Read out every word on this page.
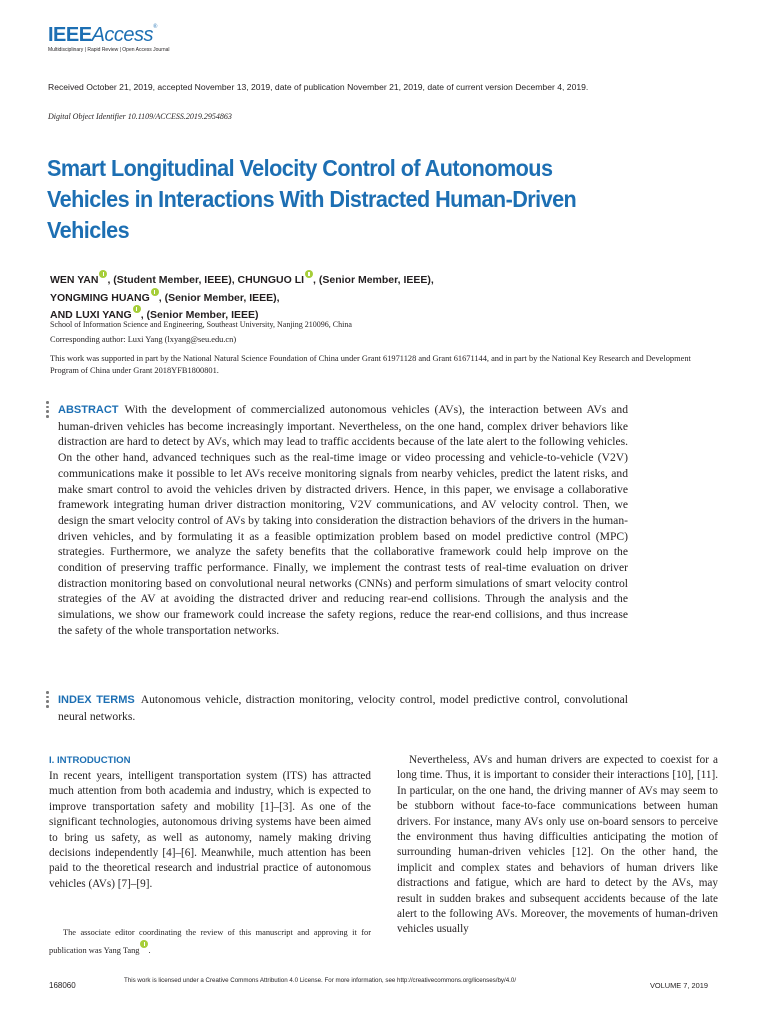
IEEEAccess®
Multidisciplinary | Rapid Review | Open Access Journal
Received October 21, 2019, accepted November 13, 2019, date of publication November 21, 2019, date of current version December 4, 2019.
Digital Object Identifier 10.1109/ACCESS.2019.2954863
Smart Longitudinal Velocity Control of Autonomous Vehicles in Interactions With Distracted Human-Driven Vehicles
WEN YAN , (Student Member, IEEE), CHUNGUO LI , (Senior Member, IEEE),
YONGMING HUANG , (Senior Member, IEEE),
AND LUXI YANG , (Senior Member, IEEE)
School of Information Science and Engineering, Southeast University, Nanjing 210096, China
Corresponding author: Luxi Yang (lxyang@seu.edu.cn)
This work was supported in part by the National Natural Science Foundation of China under Grant 61971128 and Grant 61671144, and in part by the National Key Research and Development Program of China under Grant 2018YFB1800801.
ABSTRACT With the development of commercialized autonomous vehicles (AVs), the interaction between AVs and human-driven vehicles has become increasingly important. Nevertheless, on the one hand, complex driver behaviors like distraction are hard to detect by AVs, which may lead to traffic accidents because of the late alert to the following vehicles. On the other hand, advanced techniques such as the real-time image or video processing and vehicle-to-vehicle (V2V) communications make it possible to let AVs receive monitoring signals from nearby vehicles, predict the latent risks, and make smart control to avoid the vehicles driven by distracted drivers. Hence, in this paper, we envisage a collaborative framework integrating human driver distraction monitoring, V2V communications, and AV velocity control. Then, we design the smart velocity control of AVs by taking into consideration the distraction behaviors of the drivers in the human-driven vehicles, and by formulating it as a feasible optimization problem based on model predictive control (MPC) strategies. Furthermore, we analyze the safety benefits that the collaborative framework could help improve on the condition of preserving traffic performance. Finally, we implement the contrast tests of real-time evaluation on driver distraction monitoring based on convolutional neural networks (CNNs) and perform simulations of smart velocity control strategies of the AV at avoiding the distracted driver and reducing rear-end collisions. Through the analysis and the simulations, we show our framework could increase the safety regions, reduce the rear-end collisions, and thus increase the safety of the whole transportation networks.
INDEX TERMS Autonomous vehicle, distraction monitoring, velocity control, model predictive control, convolutional neural networks.
I. INTRODUCTION

In recent years, intelligent transportation system (ITS) has attracted much attention from both academia and industry, which is expected to improve transportation safety and mobility [1]–[3]. As one of the significant technologies, autonomous driving systems have been aimed to bring us safety, as well as autonomy, namely making driving decisions independently [4]–[6]. Meanwhile, much attention has been paid to the theoretical research and industrial practice of autonomous vehicles (AVs) [7]–[9].

The associate editor coordinating the review of this manuscript and approving it for publication was Yang Tang .

Nevertheless, AVs and human drivers are expected to coexist for a long time. Thus, it is important to consider their interactions [10], [11]. In particular, on the one hand, the driving manner of AVs may seem to be stubborn without face-to-face communications between human drivers. For instance, many AVs only use on-board sensors to perceive the environment thus having difficulties anticipating the motion of surrounding human-driven vehicles [12]. On the other hand, the implicit and complex states and behaviors of human drivers like distractions and fatigue, which are hard to detect by the AVs, may result in sudden brakes and subsequent accidents because of the late alert to the following AVs. Moreover, the movements of human-driven vehicles usually

168060
This work is licensed under a Creative Commons Attribution 4.0 License. For more information, see http://creativecommons.org/licenses/by/4.0/
VOLUME 7, 2019
